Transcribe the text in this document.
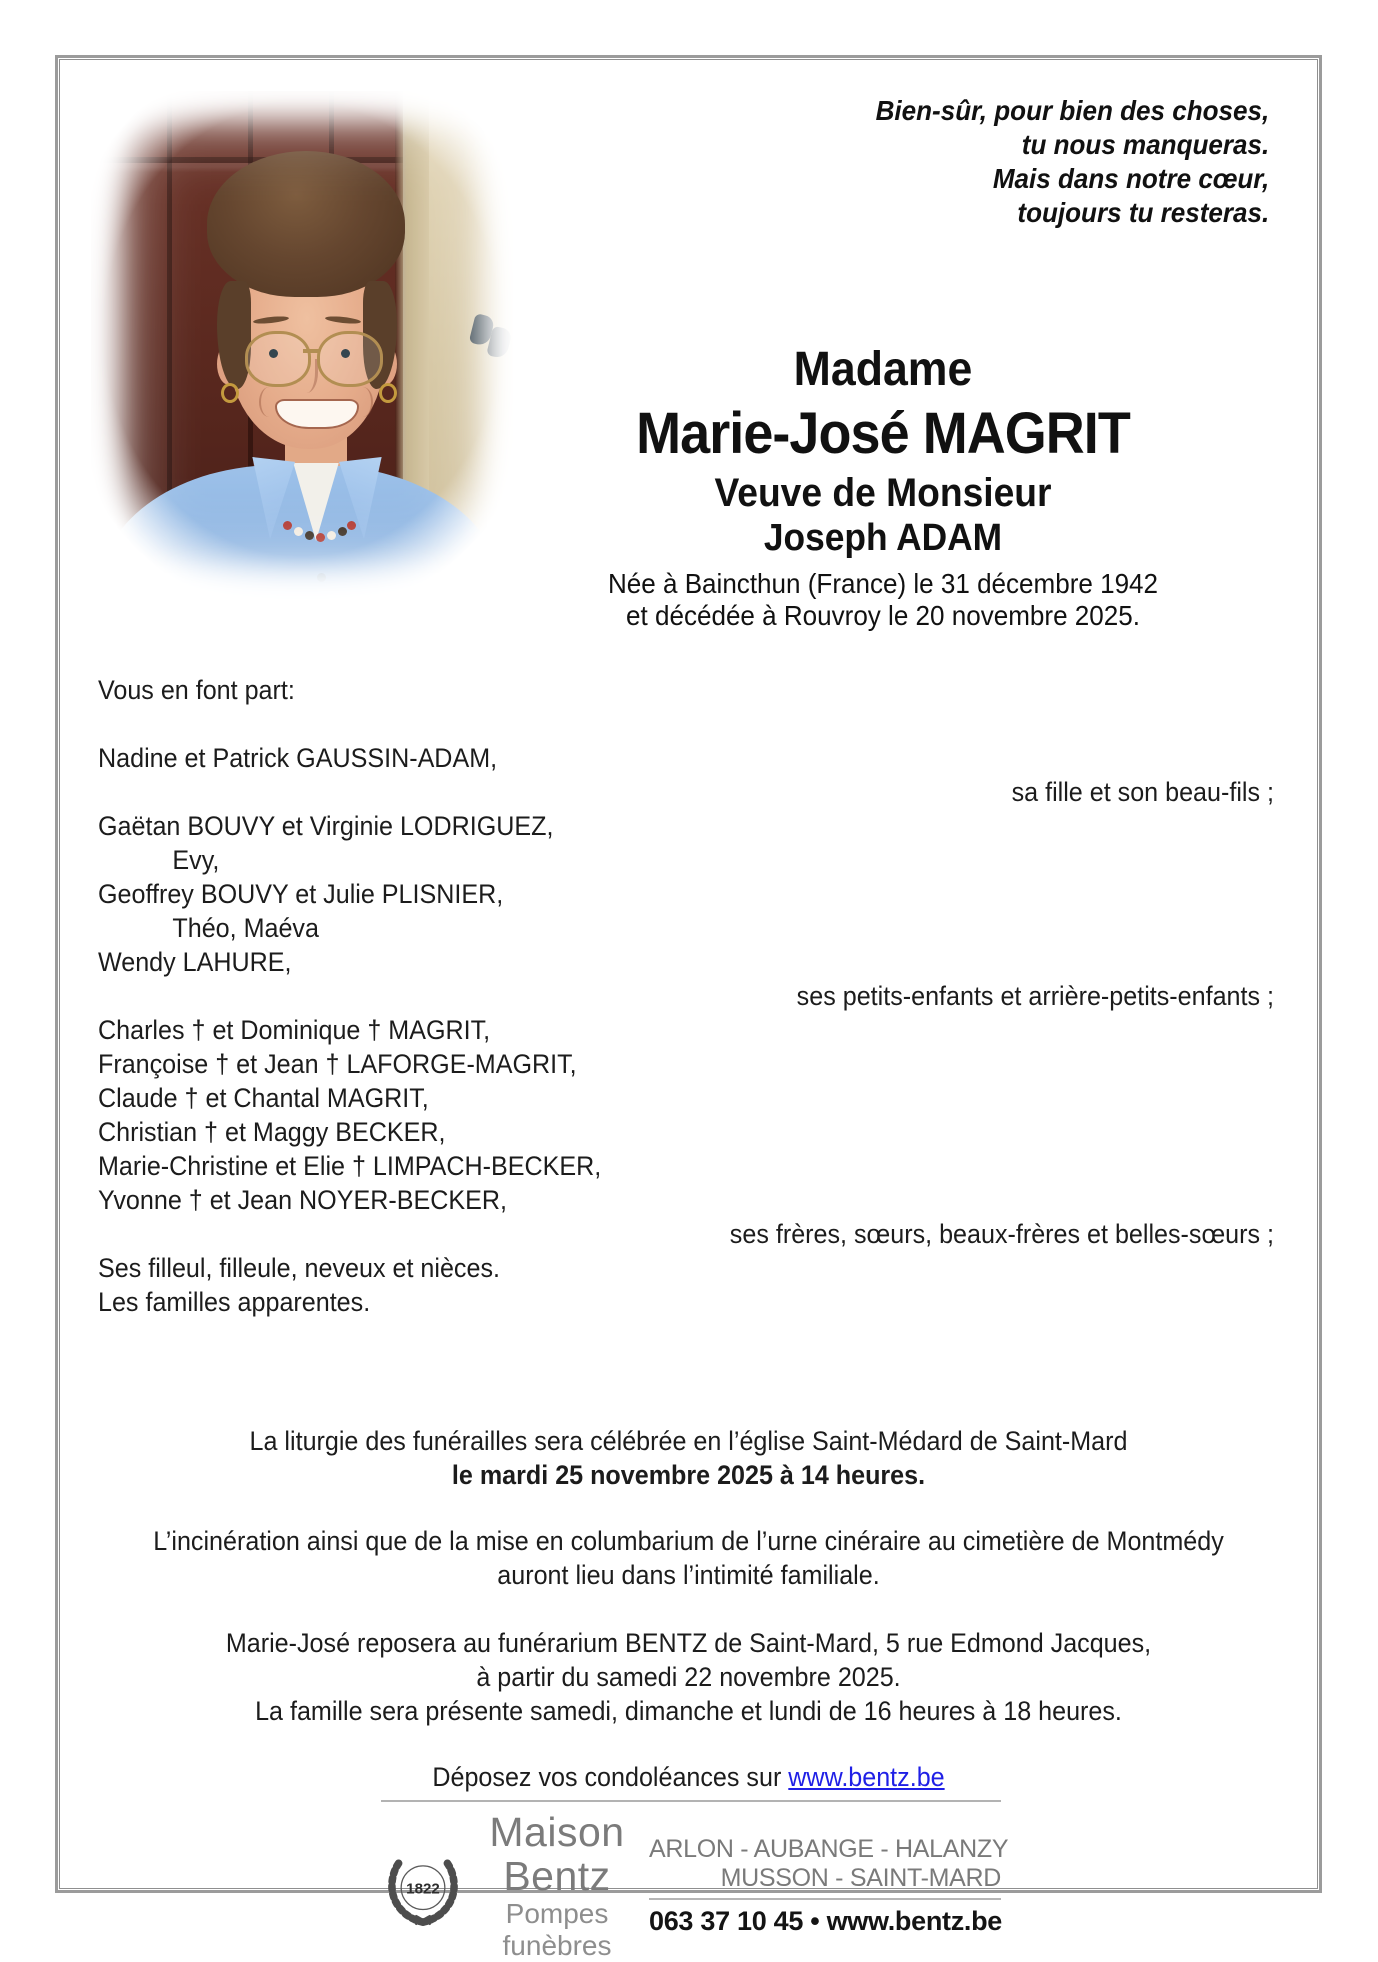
Bien-sûr, pour bien des choses,
tu nous manqueras.
Mais dans notre cœur,
toujours tu resteras.
Madame
Marie-José MAGRIT
Veuve de Monsieur
Joseph ADAM
Née à Baincthun (France) le 31 décembre 1942
et décédée à Rouvroy le 20 novembre 2025.
Vous en font part:
Nadine et Patrick GAUSSIN-ADAM,
sa fille et son beau-fils ;
Gaëtan BOUVY et Virginie LODRIGUEZ,
Evy,
Geoffrey BOUVY et Julie PLISNIER,
Théo, Maéva
Wendy LAHURE,
ses petits-enfants et arrière-petits-enfants ;
Charles † et Dominique † MAGRIT,
Françoise † et Jean † LAFORGE-MAGRIT,
Claude † et Chantal MAGRIT,
Christian † et Maggy BECKER,
Marie-Christine et Elie † LIMPACH-BECKER,
Yvonne † et Jean NOYER-BECKER,
ses frères, sœurs, beaux-frères et belles-sœurs ;
Ses filleul, filleule, neveux et nièces.
Les familles apparentes.
La liturgie des funérailles sera célébrée en l’église Saint-Médard de Saint-Mard
le mardi 25 novembre 2025 à 14 heures.
L’incinération ainsi que de la mise en columbarium de l’urne cinéraire au cimetière de Montmédy
auront lieu dans l’intimité familiale.
Marie-José reposera au funérarium BENTZ de Saint-Mard, 5 rue Edmond Jacques,
à partir du samedi 22 novembre 2025.
La famille sera présente samedi, dimanche et lundi de 16 heures à 18 heures.
Déposez vos condoléances sur www.bentz.be
1822
Maison Bentz
Pompes funèbres
ARLON - AUBANGE - HALANZY
MUSSON - SAINT-MARD
063 37 10 45 • www.bentz.be
